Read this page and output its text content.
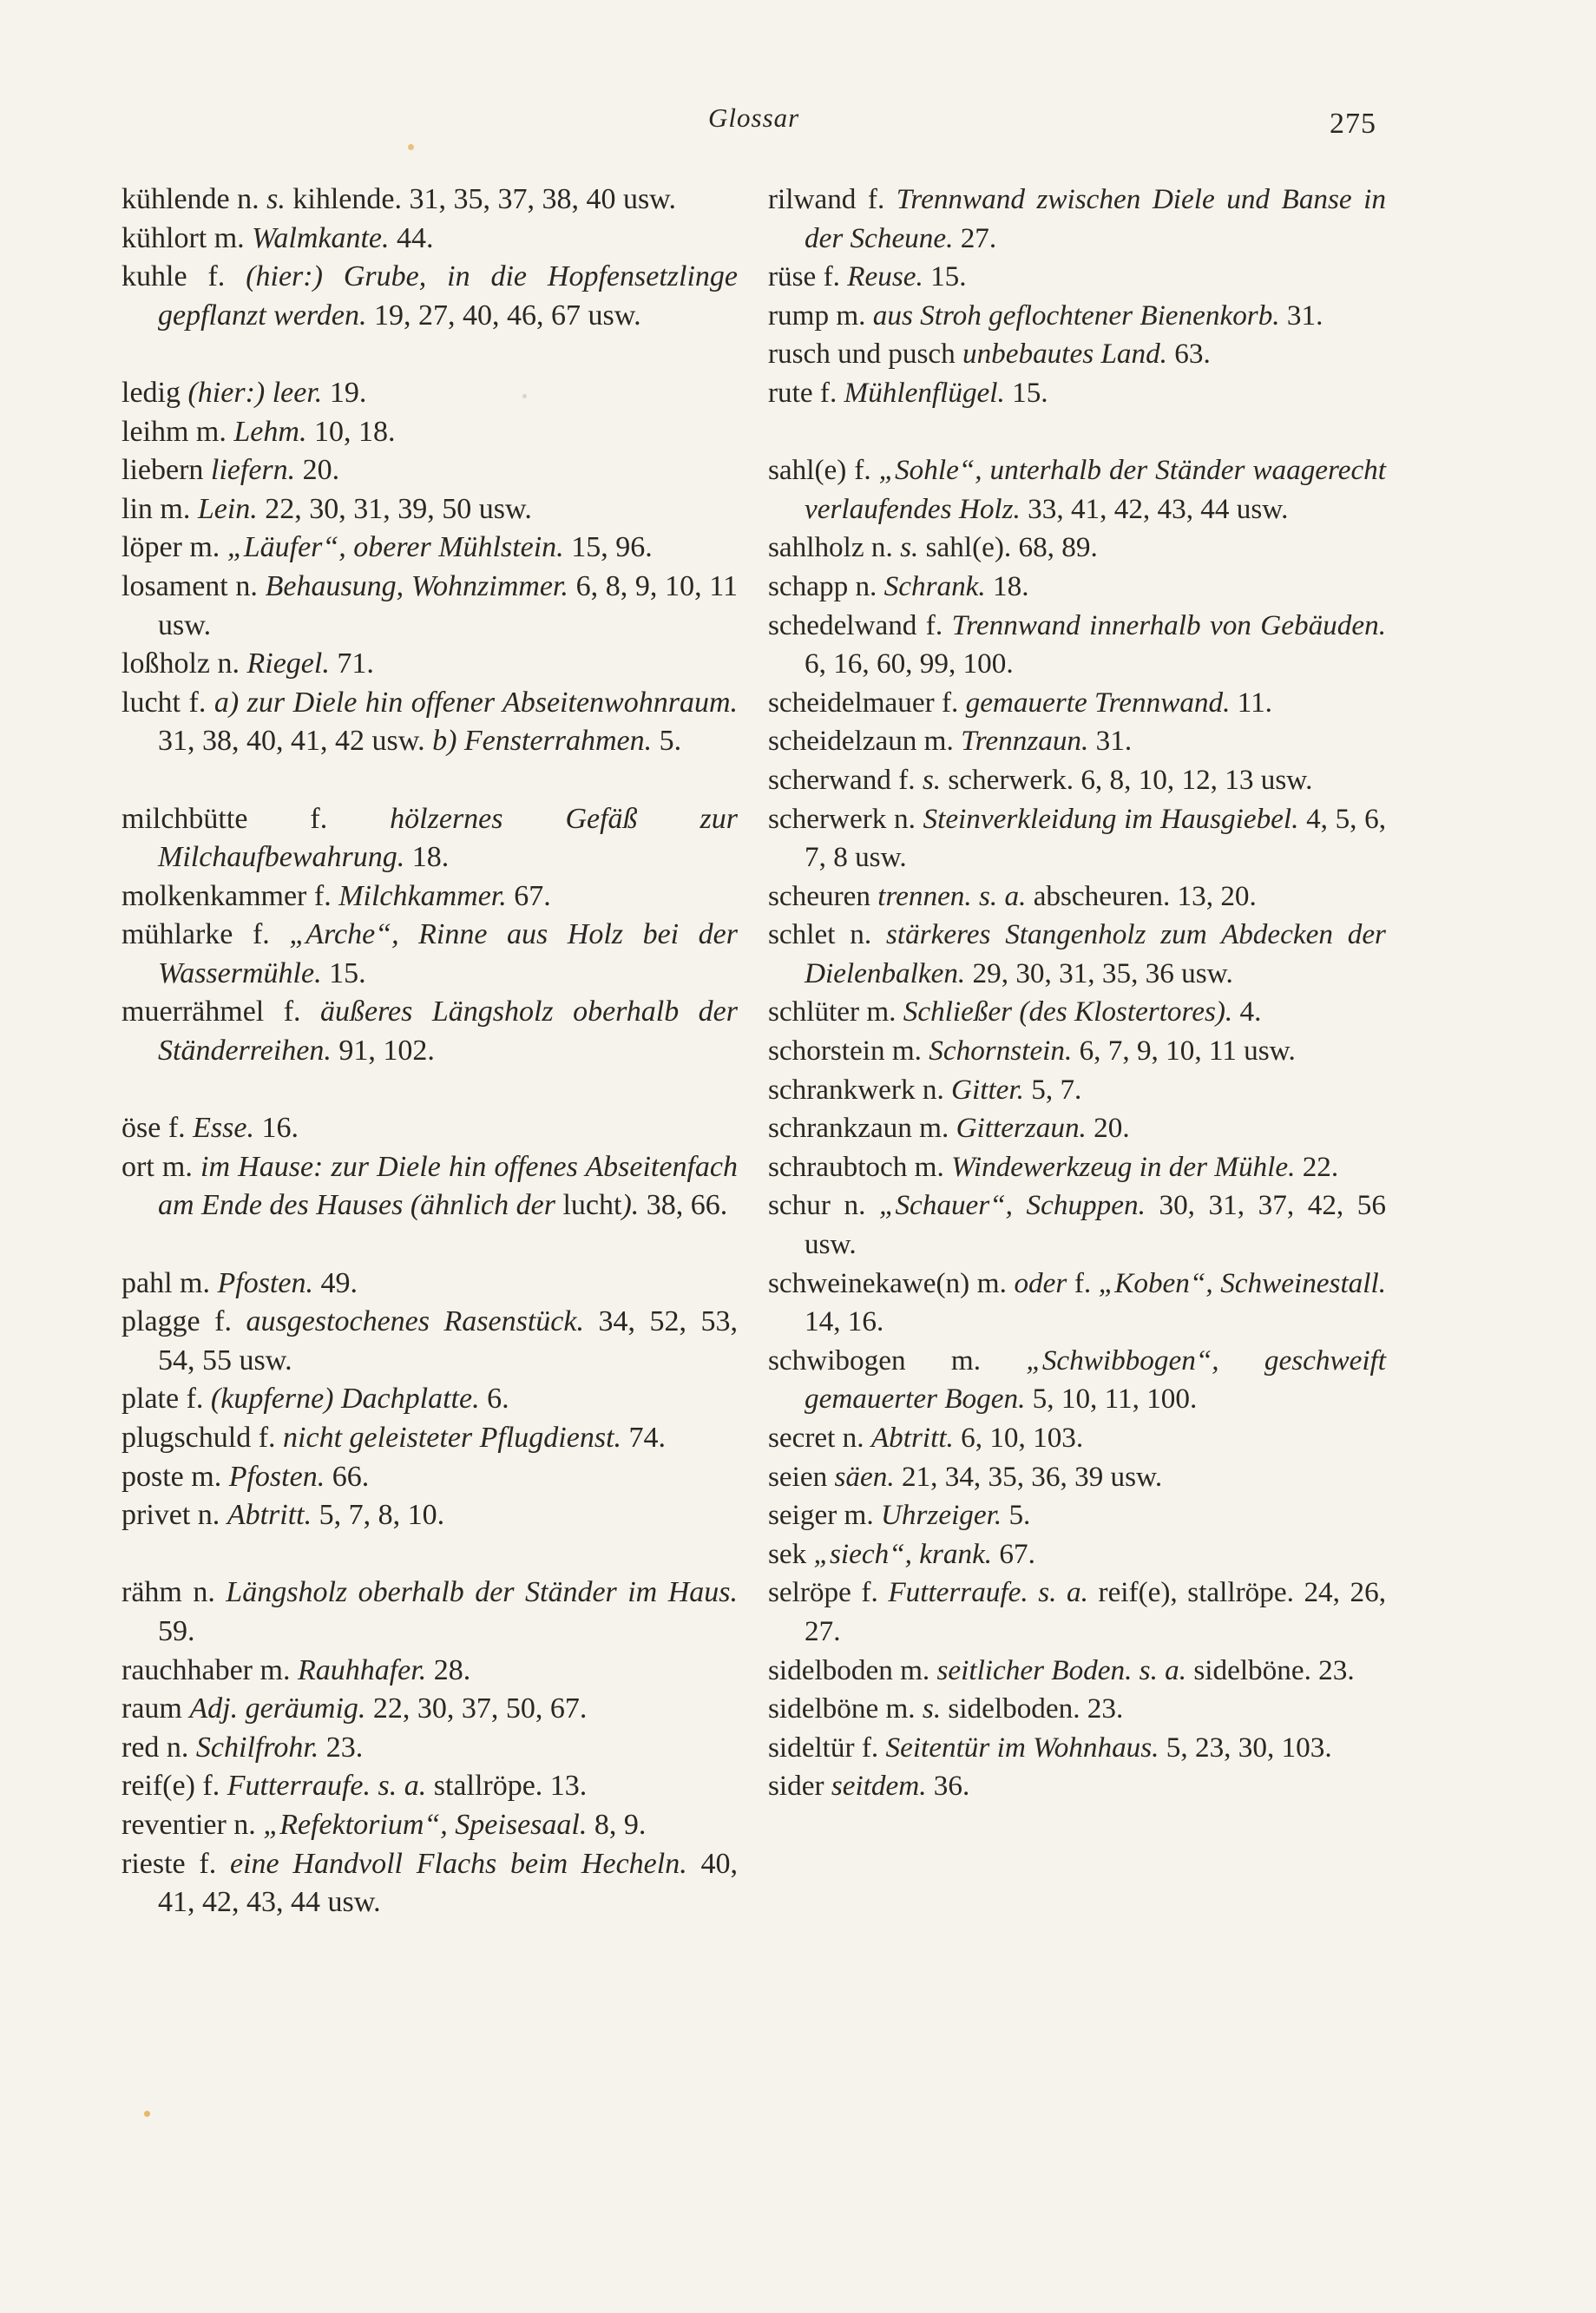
Glossar	275
kühlende n. s. kihlende. 31, 35, 37, 38, 40 usw.
kühlort m. Walmkante. 44.
kuhle f. (hier:) Grube, in die Hopfensetzlinge gepflanzt werden. 19, 27, 40, 46, 67 usw.
ledig (hier:) leer. 19.
leihm m. Lehm. 10, 18.
liebern liefern. 20.
lin m. Lein. 22, 30, 31, 39, 50 usw.
löper m. „Läufer“, oberer Mühlstein. 15, 96.
losament n. Behausung, Wohnzimmer. 6, 8, 9, 10, 11 usw.
loßholz n. Riegel. 71.
lucht f. a) zur Diele hin offener Abseitenwohnraum. 31, 38, 40, 41, 42 usw. b) Fensterrahmen. 5.
milchbütte f. hölzernes Gefäß zur Milchaufbewahrung. 18.
molkenkammer f. Milchkammer. 67.
mühlarke f. „Arche“, Rinne aus Holz bei der Wassermühle. 15.
muerrähmel f. äußeres Längsholz oberhalb der Ständerreihen. 91, 102.
öse f. Esse. 16.
ort m. im Hause: zur Diele hin offenes Abseitenfach am Ende des Hauses (ähnlich der lucht). 38, 66.
pahl m. Pfosten. 49.
plagge f. ausgestochenes Rasenstück. 34, 52, 53, 54, 55 usw.
plate f. (kupferne) Dachplatte. 6.
plugschuld f. nicht geleisteter Pflugdienst. 74.
poste m. Pfosten. 66.
privet n. Abtritt. 5, 7, 8, 10.
rähm n. Längsholz oberhalb der Ständer im Haus. 59.
rauchhaber m. Rauhhafer. 28.
raum Adj. geräumig. 22, 30, 37, 50, 67.
red n. Schilfrohr. 23.
reif(e) f. Futterraufe. s. a. stallröpe. 13.
reventier n. „Refektorium“, Speisesaal. 8, 9.
rieste f. eine Handvoll Flachs beim Hecheln. 40, 41, 42, 43, 44 usw.
rilwand f. Trennwand zwischen Diele und Banse in der Scheune. 27.
rüse f. Reuse. 15.
rump m. aus Stroh geflochtener Bienenkorb. 31.
rusch und pusch unbebautes Land. 63.
rute f. Mühlenflügel. 15.
sahl(e) f. „Sohle“, unterhalb der Ständer waagerecht verlaufendes Holz. 33, 41, 42, 43, 44 usw.
sahlholz n. s. sahl(e). 68, 89.
schapp n. Schrank. 18.
schedelwand f. Trennwand innerhalb von Gebäuden. 6, 16, 60, 99, 100.
scheidelmauer f. gemauerte Trennwand. 11.
scheidelzaun m. Trennzaun. 31.
scherwand f. s. scherwerk. 6, 8, 10, 12, 13 usw.
scherwerk n. Steinverkleidung im Hausgiebel. 4, 5, 6, 7, 8 usw.
scheuren trennen. s. a. abscheuren. 13, 20.
schlet n. stärkeres Stangenholz zum Abdecken der Dielenbalken. 29, 30, 31, 35, 36 usw.
schlüter m. Schließer (des Klostertores). 4.
schorstein m. Schornstein. 6, 7, 9, 10, 11 usw.
schrankwerk n. Gitter. 5, 7.
schrankzaun m. Gitterzaun. 20.
schraubtoch m. Windewerkzeug in der Mühle. 22.
schur n. „Schauer“, Schuppen. 30, 31, 37, 42, 56 usw.
schweinekawe(n) m. oder f. „Koben“, Schweinestall. 14, 16.
schwibogen m. „Schwibbogen“, geschweift gemauerter Bogen. 5, 10, 11, 100.
secret n. Abtritt. 6, 10, 103.
seien säen. 21, 34, 35, 36, 39 usw.
seiger m. Uhrzeiger. 5.
sek „siech“, krank. 67.
selröpe f. Futterraufe. s. a. reif(e), stallröpe. 24, 26, 27.
sidelboden m. seitlicher Boden. s. a. sidelböne. 23.
sidelböne m. s. sidelboden. 23.
sideltür f. Seitentür im Wohnhaus. 5, 23, 30, 103.
sider seitdem. 36.
